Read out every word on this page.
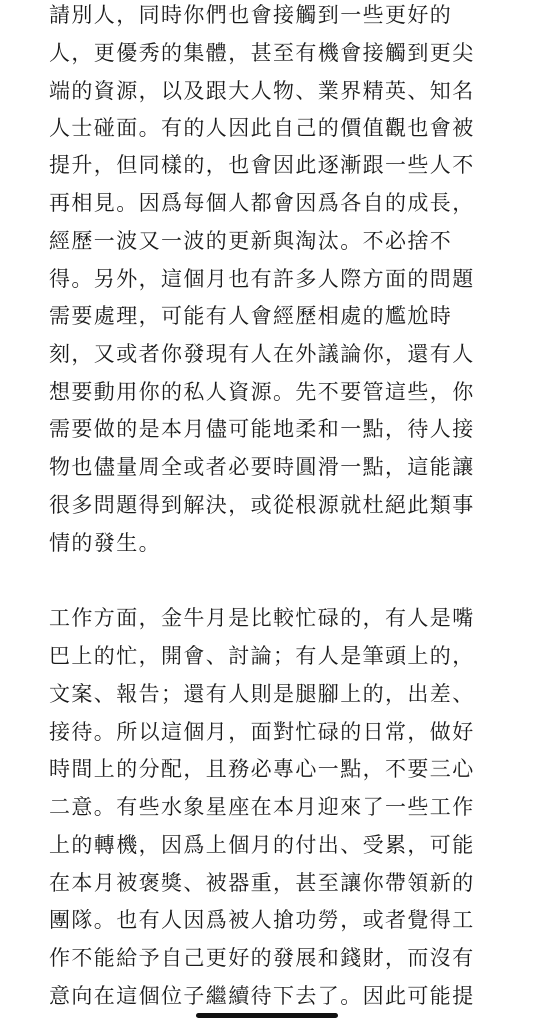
請別人，同時你們也會接觸到一些更好的

人，更優秀的集體，甚至有機會接觸到更尖

端的資源，以及跟大人物、業界精英、知名

人士碰面。有的人因此自己的價值觀也會被

提升，但同樣的，也會因此逐漸跟一些人不

再相見。因爲每個人都會因爲各自的成長，

經歷一波又一波的更新與淘汰。不必捨不

得。另外，這個月也有許多人際方面的問題

需要處理，可能有人會經歷相處的尷尬時

刻，又或者你發現有人在外議論你，還有人

想要動用你的私人資源。先不要管這些，你

需要做的是本月儘可能地柔和一點，待人接

物也儘量周全或者必要時圓滑一點，這能讓

很多問題得到解決，或從根源就杜絕此類事

情的發生。

工作方面，金牛月是比較忙碌的，有人是嘴

巴上的忙，開會、討論；有人是筆頭上的，

文案、報告；還有人則是腿腳上的，出差、

接待。所以這個月，面對忙碌的日常，做好

時間上的分配，且務必專心一點，不要三心

二意。有些水象星座在本月迎來了一些工作

上的轉機，因爲上個月的付出、受累，可能

在本月被褒獎、被器重，甚至讓你帶領新的

團隊。也有人因爲被人搶功勞，或者覺得工

作不能給予自己更好的發展和錢財，而沒有

意向在這個位子繼續待下去了。因此可能提
